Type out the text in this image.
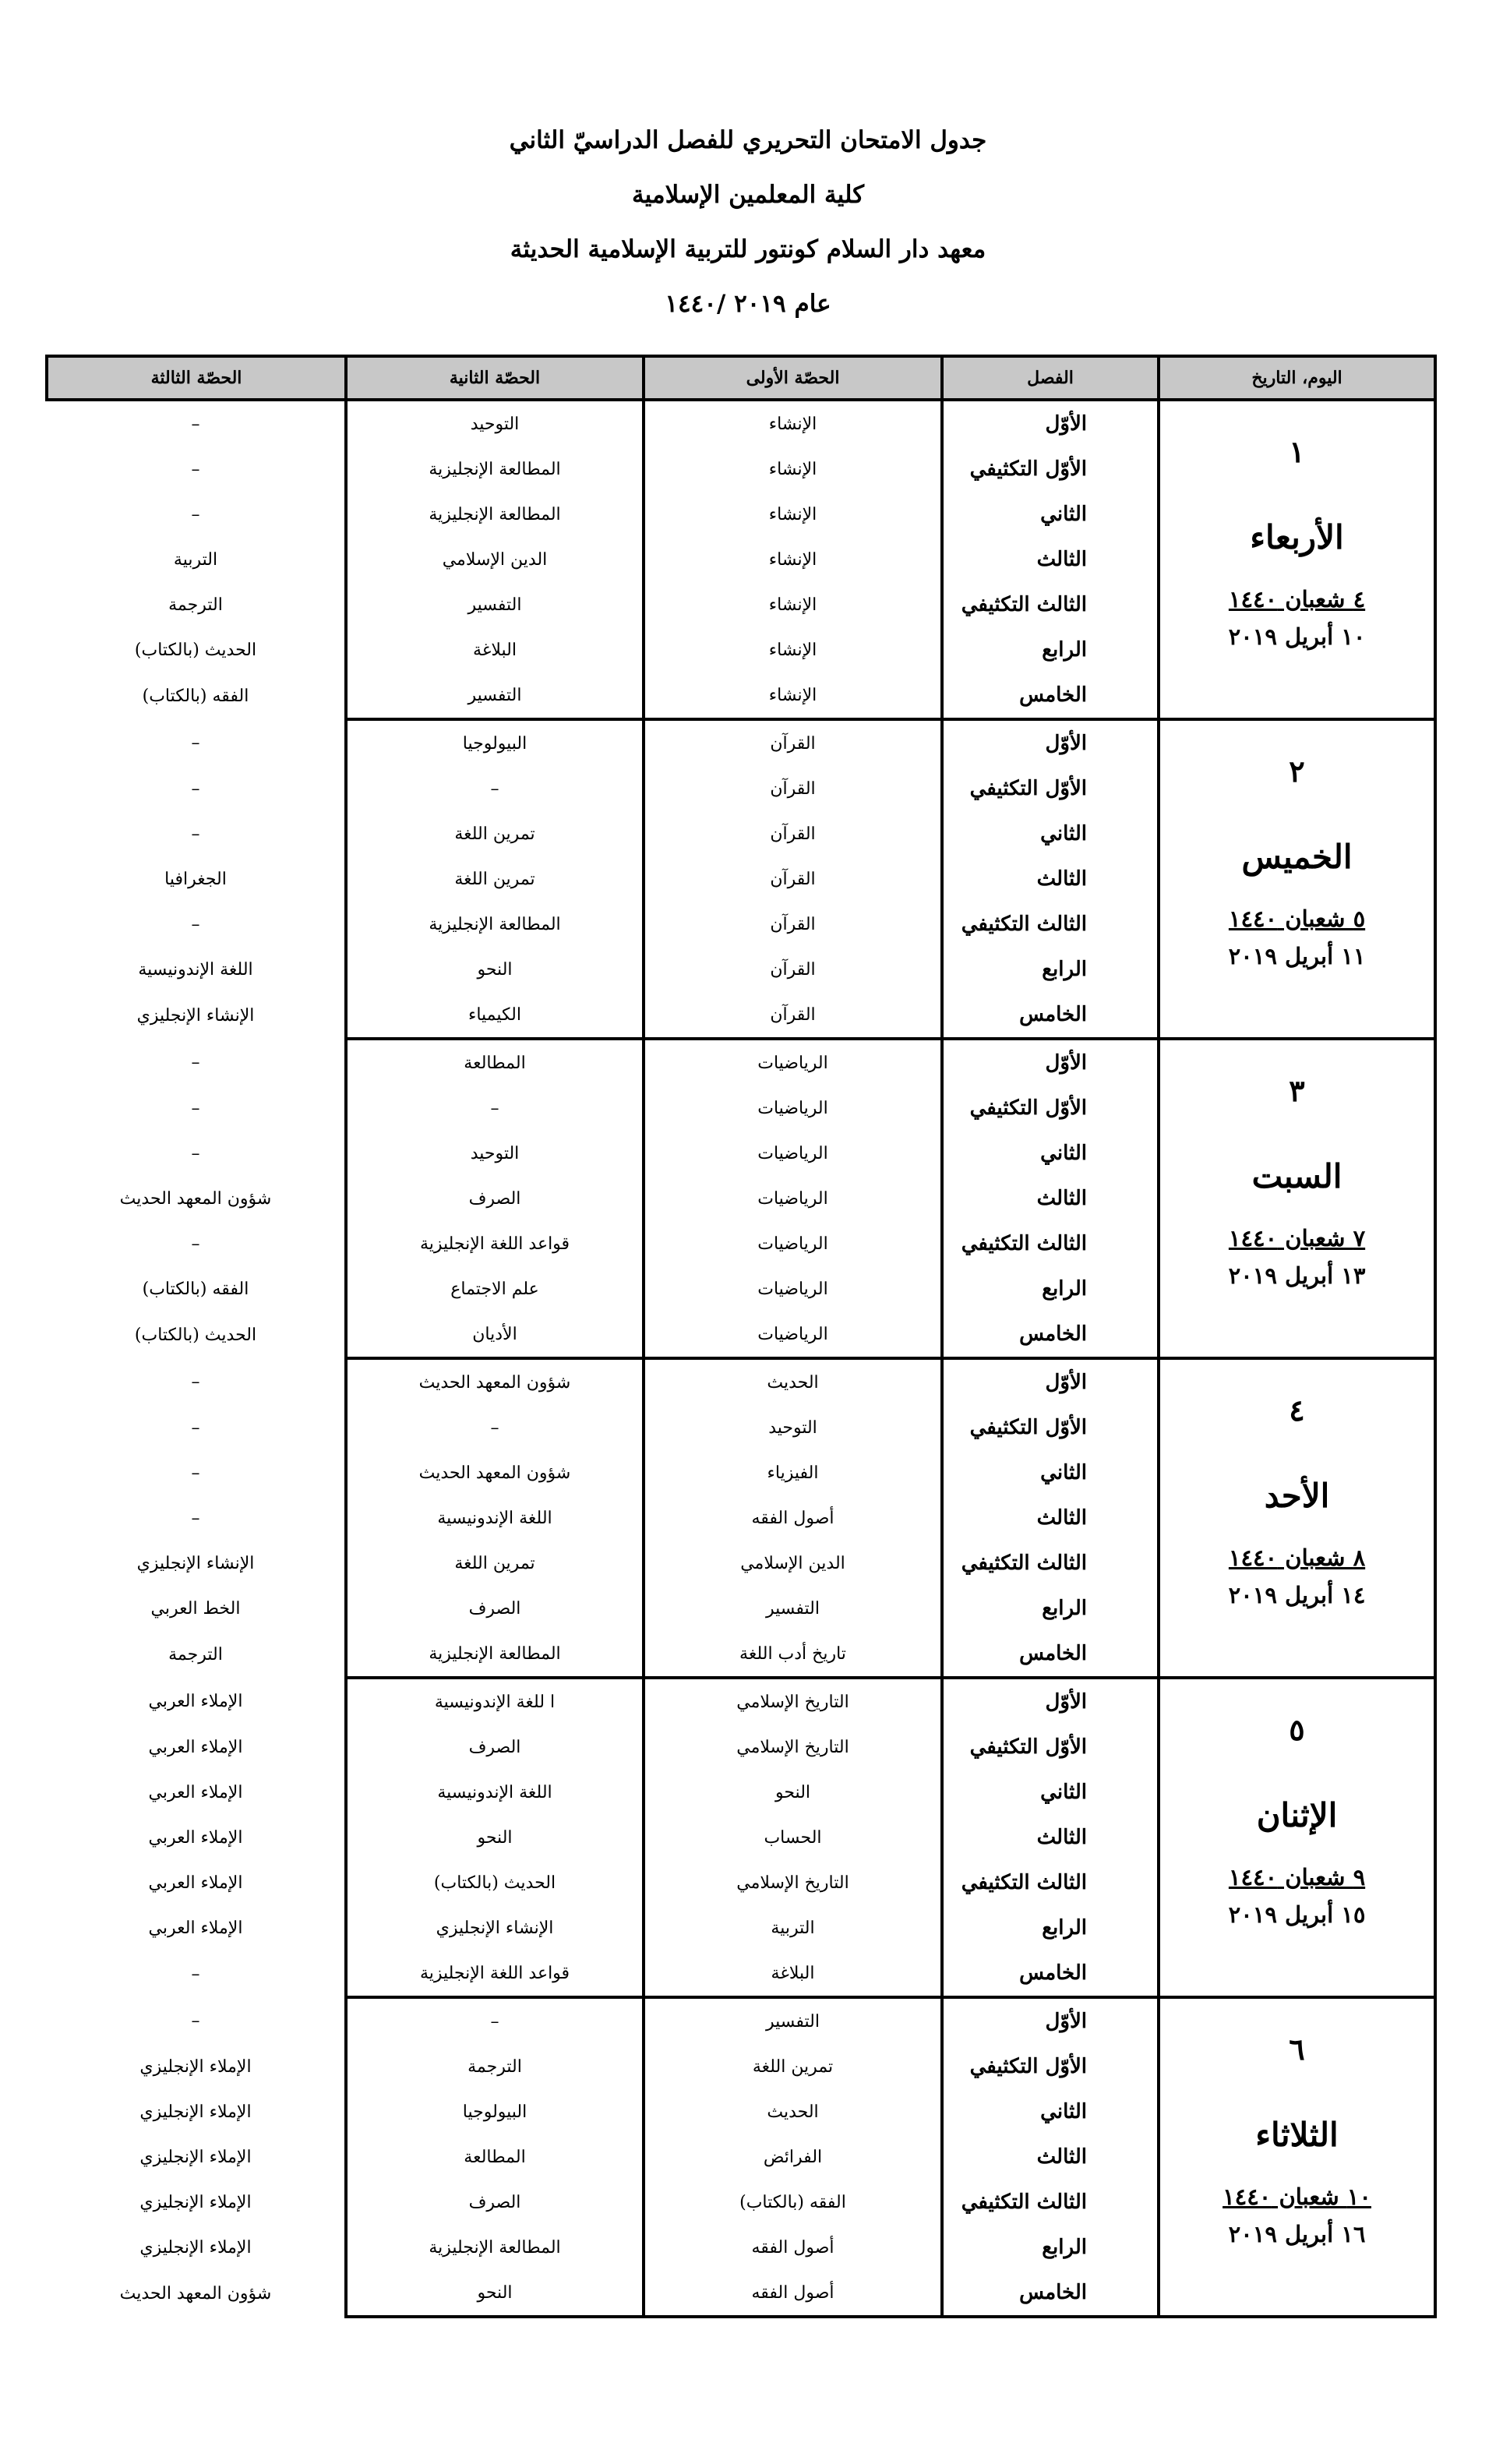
جدول الامتحان التحريري للفصل الدراسيّ الثاني
كلية المعلمين الإسلامية
معهد دار السلام كونتور للتربية الإسلامية الحديثة
عام ٢٠١٩ /١٤٤٠
اليوم، التاريخ	الفصل	الحصّة الأولى	الحصّة الثانية	الحصّة الثالثة

١
الأربعاء
٤ شعبان ١٤٤٠
١٠ أبريل ٢٠١٩	الأوّل	الإنشاء	التوحيد	–
	الأوّل التكثيفي	الإنشاء	المطالعة الإنجليزية	–
	الثاني	الإنشاء	المطالعة الإنجليزية	–
	الثالث	الإنشاء	الدين الإسلامي	التربية
	الثالث التكثيفي	الإنشاء	التفسير	الترجمة
	الرابع	الإنشاء	البلاغة	الحديث (بالكتاب)
	الخامس	الإنشاء	التفسير	الفقه (بالكتاب)

٢
الخميس
٥ شعبان ١٤٤٠
١١ أبريل ٢٠١٩	الأوّل	القرآن	البيولوجيا	–
	الأوّل التكثيفي	القرآن	–	–
	الثاني	القرآن	تمرين اللغة	–
	الثالث	القرآن	تمرين اللغة	الجغرافيا
	الثالث التكثيفي	القرآن	المطالعة الإنجليزية	–
	الرابع	القرآن	النحو	اللغة الإندونيسية
	الخامس	القرآن	الكيمياء	الإنشاء الإنجليزي

٣
السبت
٧ شعبان ١٤٤٠
١٣ أبريل ٢٠١٩	الأوّل	الرياضيات	المطالعة	–
	الأوّل التكثيفي	الرياضيات	–	–
	الثاني	الرياضيات	التوحيد	–
	الثالث	الرياضيات	الصرف	شؤون المعهد الحديث
	الثالث التكثيفي	الرياضيات	قواعد اللغة الإنجليزية	–
	الرابع	الرياضيات	علم الاجتماع	الفقه (بالكتاب)
	الخامس	الرياضيات	الأديان	الحديث (بالكتاب)

٤
الأحد
٨ شعبان ١٤٤٠
١٤ أبريل ٢٠١٩	الأوّل	الحديث	شؤون المعهد الحديث	–
	الأوّل التكثيفي	التوحيد	–	–
	الثاني	الفيزياء	شؤون المعهد الحديث	–
	الثالث	أصول الفقه	اللغة الإندونيسية	–
	الثالث التكثيفي	الدين الإسلامي	تمرين اللغة	الإنشاء الإنجليزي
	الرابع	التفسير	الصرف	الخط العربي
	الخامس	تاريخ أدب اللغة	المطالعة الإنجليزية	الترجمة

٥
الإثنان
٩ شعبان ١٤٤٠
١٥ أبريل ٢٠١٩	الأوّل	التاريخ الإسلامي	ا للغة الإندونيسية	الإملاء العربي
	الأوّل التكثيفي	التاريخ الإسلامي	الصرف	الإملاء العربي
	الثاني	النحو	اللغة الإندونيسية	الإملاء العربي
	الثالث	الحساب	النحو	الإملاء العربي
	الثالث التكثيفي	التاريخ الإسلامي	الحديث (بالكتاب)	الإملاء العربي
	الرابع	التربية	الإنشاء الإنجليزي	الإملاء العربي
	الخامس	البلاغة	قواعد اللغة الإنجليزية	–

٦
الثلاثاء
١٠ شعبان ١٤٤٠
١٦ أبريل ٢٠١٩	الأوّل	التفسير	–	–
	الأوّل التكثيفي	تمرين اللغة	الترجمة	الإملاء الإنجليزي
	الثاني	الحديث	البيولوجيا	الإملاء الإنجليزي
	الثالث	الفرائض	المطالعة	الإملاء الإنجليزي
	الثالث التكثيفي	الفقه (بالكتاب)	الصرف	الإملاء الإنجليزي
	الرابع	أصول الفقه	المطالعة الإنجليزية	الإملاء الإنجليزي
	الخامس	أصول الفقه	النحو	شؤون المعهد الحديث
